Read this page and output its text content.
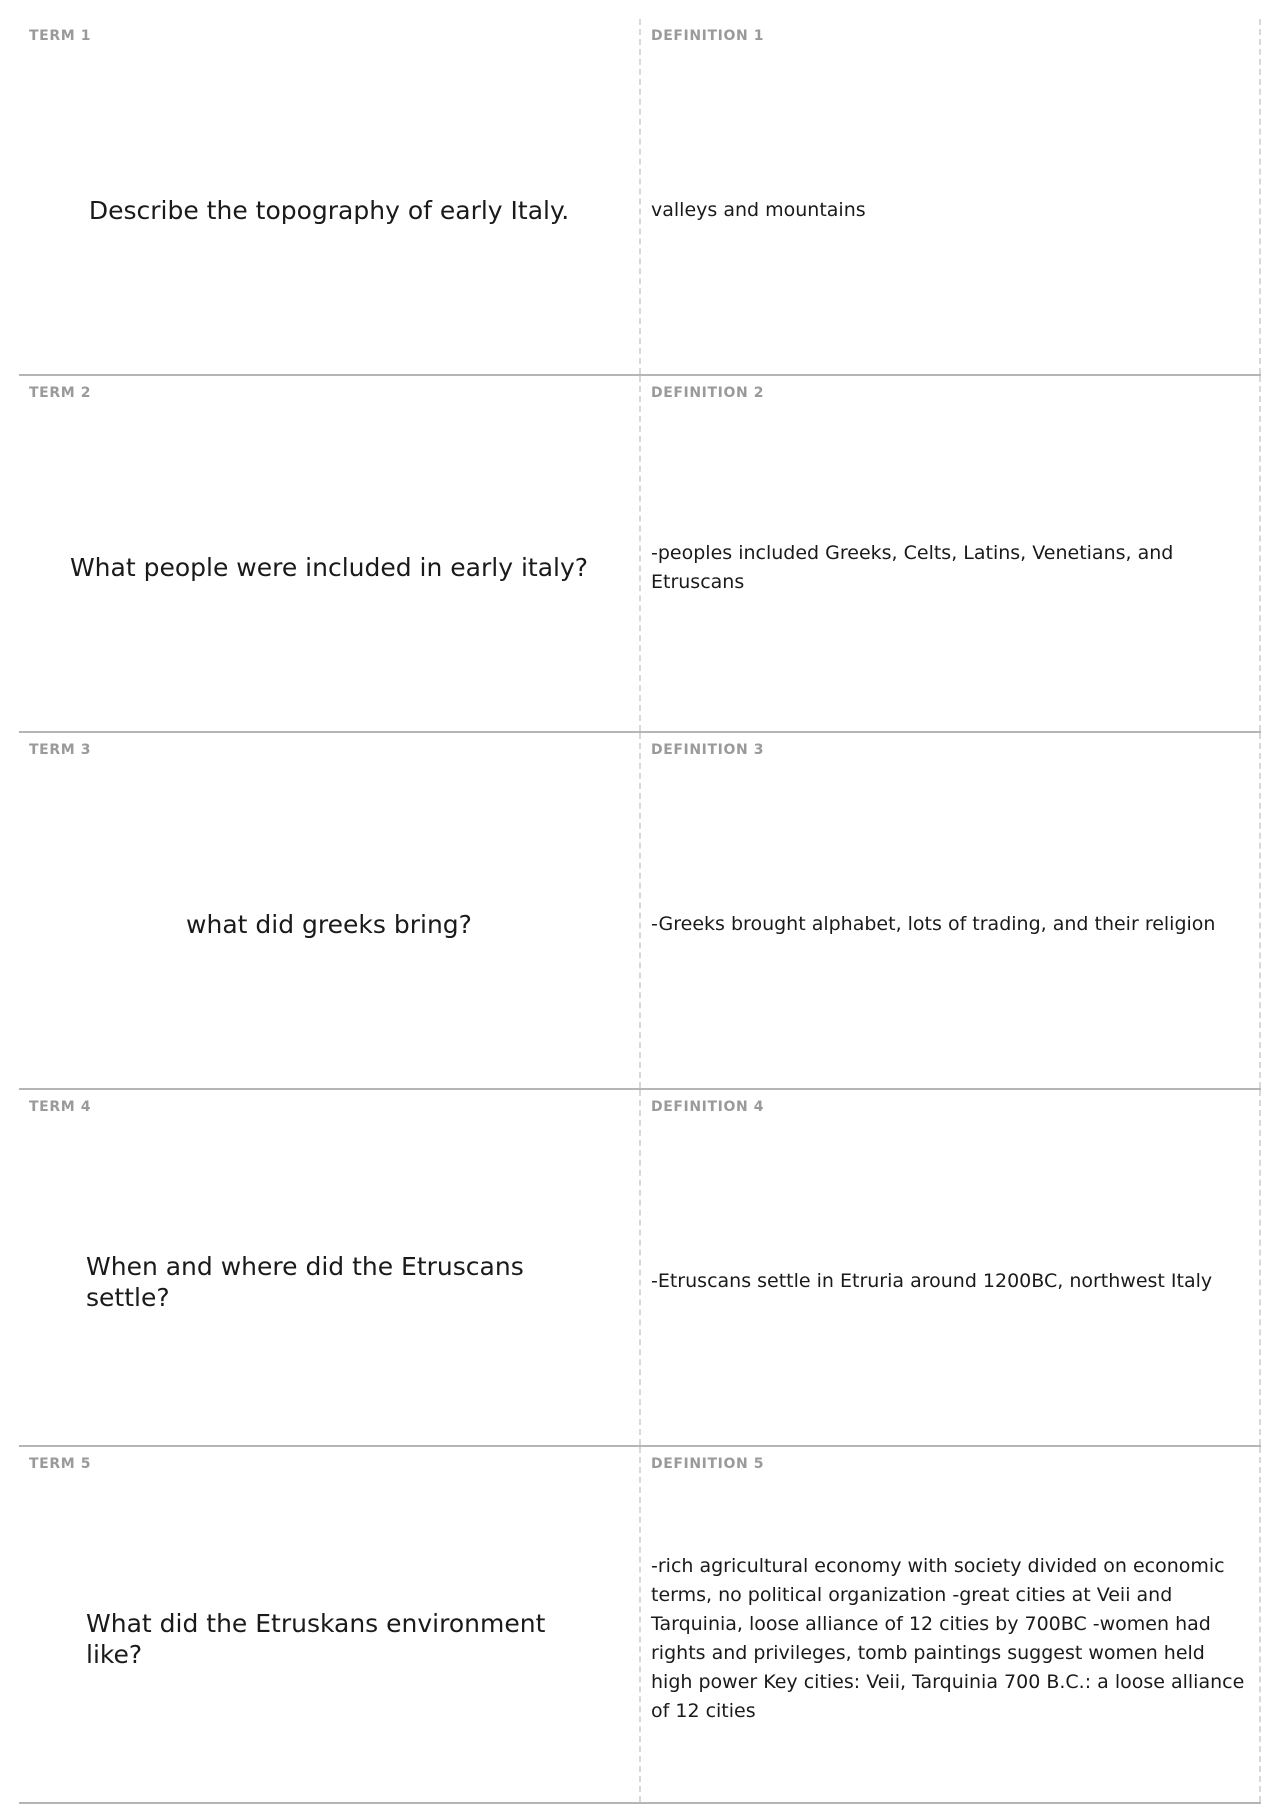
TERM 1
Describe the topography of early Italy.
DEFINITION 1
valleys and mountains
TERM 2
What people were included in early italy?
DEFINITION 2
-peoples included Greeks, Celts, Latins, Venetians, and Etruscans
TERM 3
what did greeks bring?
DEFINITION 3
-Greeks brought alphabet, lots of trading, and their religion
TERM 4
When and where did the Etruscans settle?
DEFINITION 4
-Etruscans settle in Etruria around 1200BC, northwest Italy
TERM 5
What did the Etruskans environment like?
DEFINITION 5
-rich agricultural economy with society divided on economic terms, no political organization -great cities at Veii and Tarquinia, loose alliance of 12 cities by 700BC -women had rights and privileges, tomb paintings suggest women held high power Key cities: Veii, Tarquinia 700 B.C.: a loose alliance of 12 cities
